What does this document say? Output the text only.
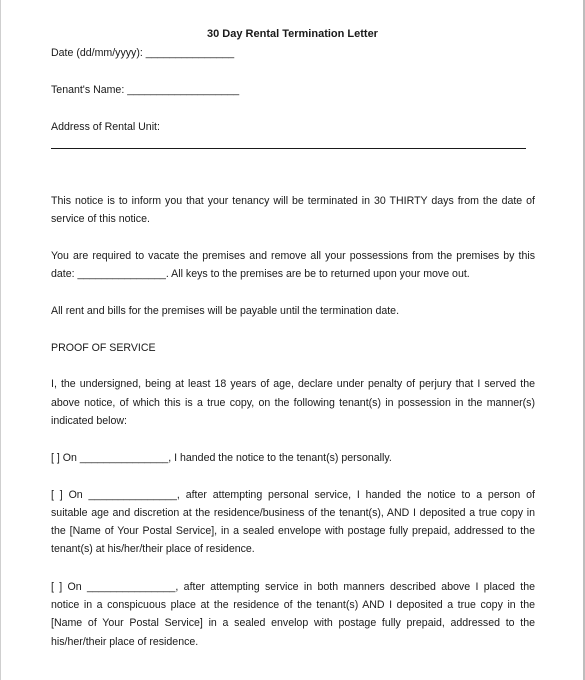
30 Day Rental Termination Letter
Date (dd/mm/yyyy): _______________
Tenant's Name: ___________________
Address of Rental Unit:
This notice is to inform you that your tenancy will be terminated in 30 THIRTY days from the date of
service of this notice.
You are required to vacate the premises and remove all your possessions from the premises by this
date: _______________. All keys to the premises are be to returned upon your move out.
All rent and bills for the premises will be payable until the termination date.
PROOF OF SERVICE
I, the undersigned, being at least 18 years of age, declare under penalty of perjury that I served the
above notice, of which this is a true copy, on the following tenant(s) in possession in the manner(s)
indicated below:
[ ] On _______________, I handed the notice to the tenant(s) personally.
[ ] On _______________, after attempting personal service, I handed the notice to a person of
suitable age and discretion at the residence/business of the tenant(s), AND I deposited a true copy in
the [Name of Your Postal Service], in a sealed envelope with postage fully prepaid, addressed to the
tenant(s) at his/her/their place of residence.
[ ] On _______________, after attempting service in both manners described above I placed the
notice in a conspicuous place at the residence of the tenant(s) AND I deposited a true copy in the
[Name of Your Postal Service] in a sealed envelop with postage fully prepaid, addressed to the
his/her/their place of residence.
